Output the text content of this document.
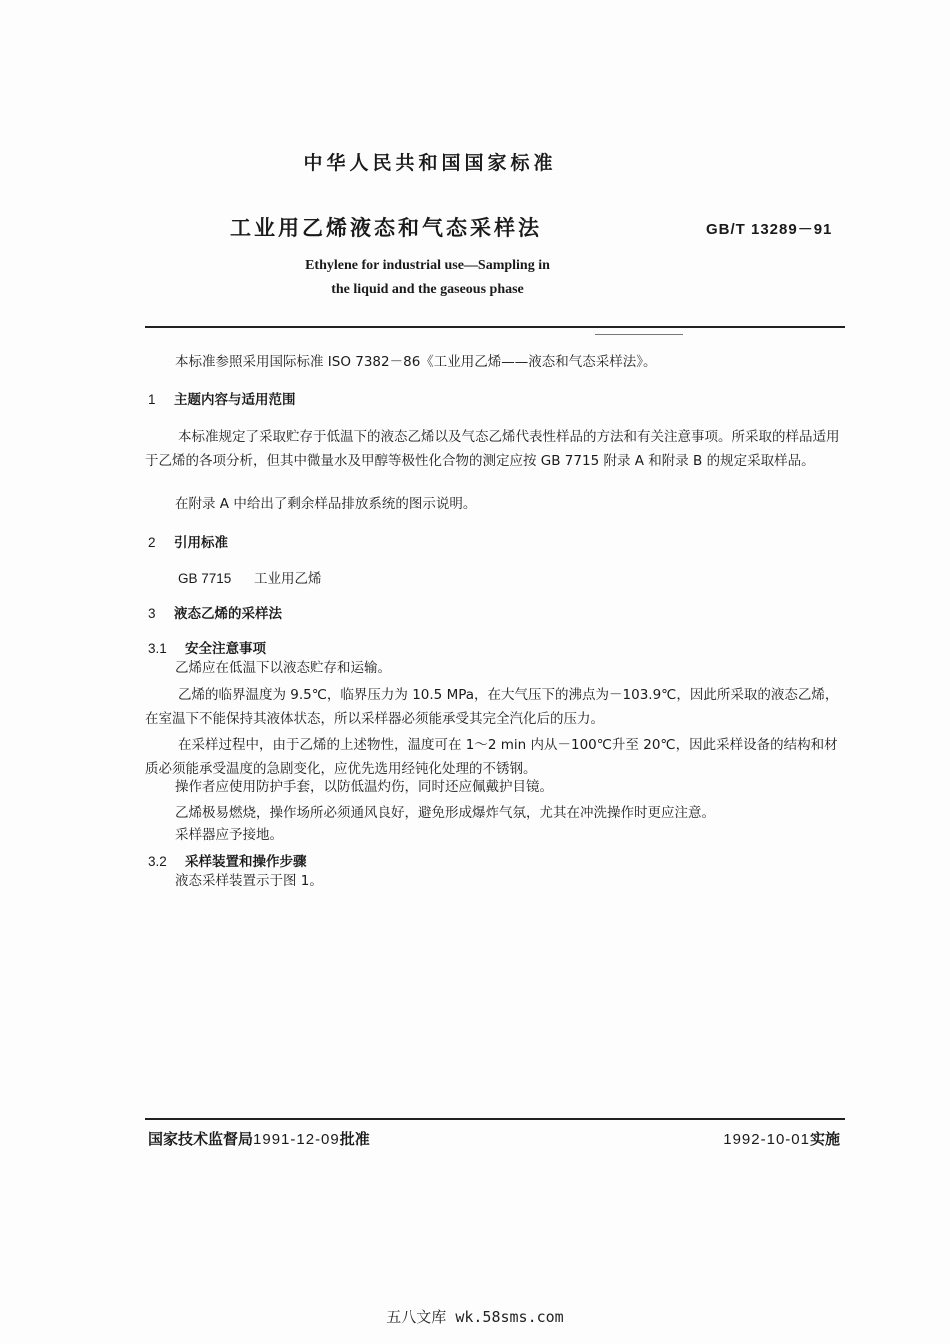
中华人民共和国国家标准
工业用乙烯液态和气态采样法	GB/T 13289－91
Ethylene for industrial use—Sampling in
the liquid and the gaseous phase
本标准参照采用国际标准 ISO 7382－86《工业用乙烯——液态和气态采样法》。
1 主题内容与适用范围
本标准规定了采取贮存于低温下的液态乙烯以及气态乙烯代表性样品的方法和有关注意事项。所采取的样品适用于乙烯的各项分析，但其中微量水及甲醇等极性化合物的测定应按 GB 7715 附录 A 和附录 B 的规定采取样品。
在附录 A 中给出了剩余样品排放系统的图示说明。
2 引用标准
GB 7715 工业用乙烯
3 液态乙烯的采样法
3.1 安全注意事项
乙烯应在低温下以液态贮存和运输。
乙烯的临界温度为 9.5℃，临界压力为 10.5 MPa，在大气压下的沸点为－103.9℃，因此所采取的液态乙烯，在室温下不能保持其液体状态，所以采样器必须能承受其完全汽化后的压力。
在采样过程中，由于乙烯的上述物性，温度可在 1～2 min 内从－100℃升至 20℃，因此采样设备的结构和材质必须能承受温度的急剧变化，应优先选用经钝化处理的不锈钢。
操作者应使用防护手套，以防低温灼伤，同时还应佩戴护目镜。
乙烯极易燃烧，操作场所必须通风良好，避免形成爆炸气氛，尤其在冲洗操作时更应注意。
采样器应予接地。
3.2 采样装置和操作步骤
液态采样装置示于图 1。
国家技术监督局1991-12-09批准	1992-10-01实施
五八文库 wk.58sms.com
